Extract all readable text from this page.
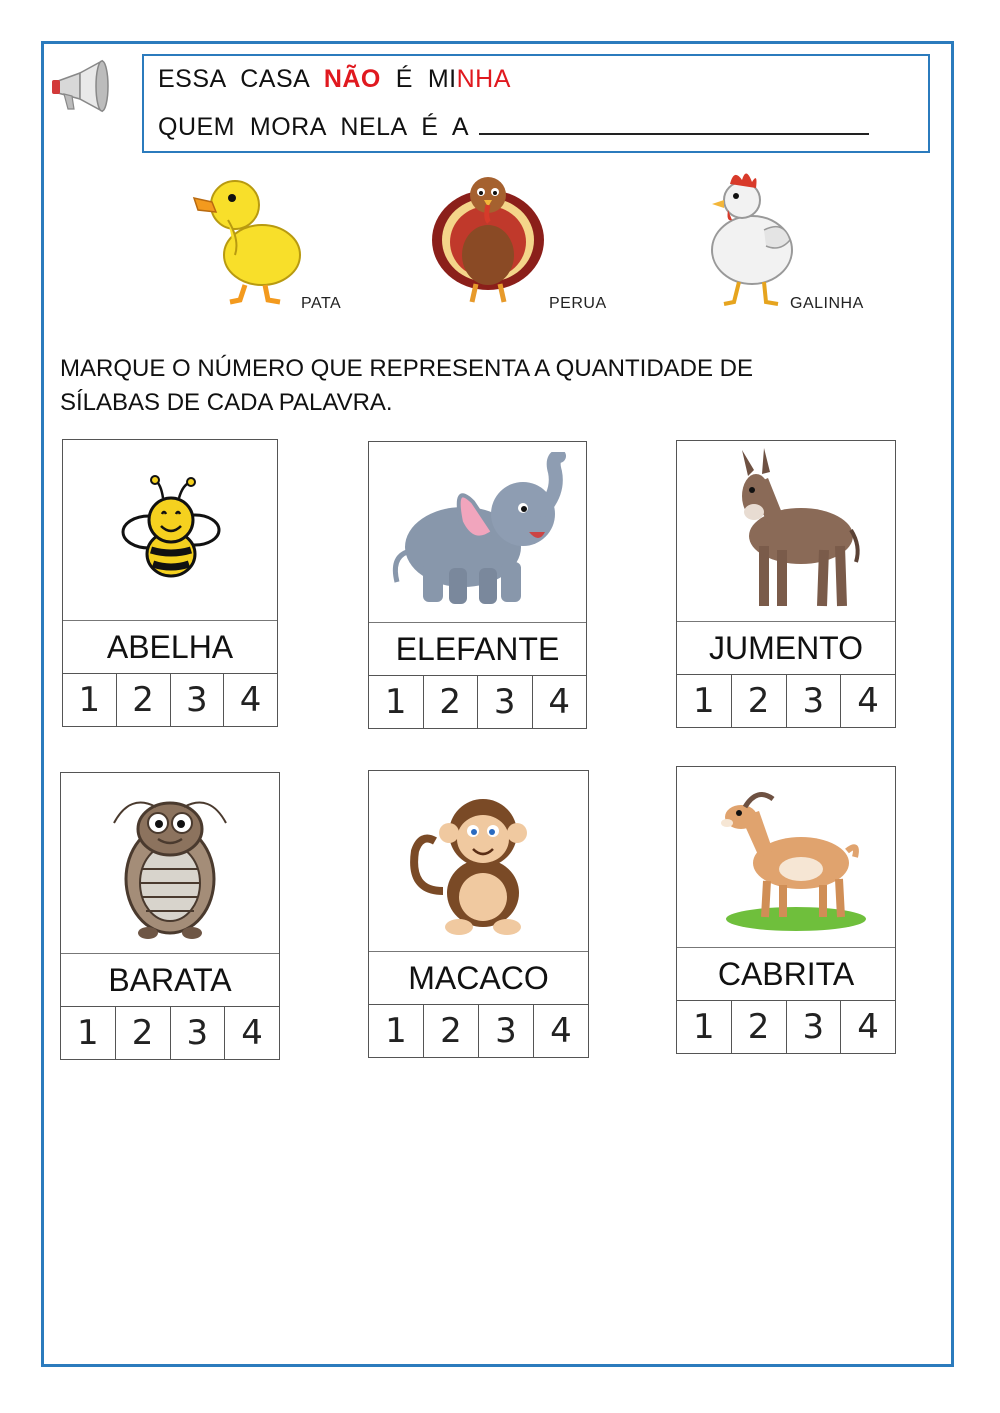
ESSA  CASA  NÃO  É  MINHA
QUEM  MORA  NELA  É  A
PATA	PERUA	GALINHA
MARQUE O NÚMERO QUE REPRESENTA A QUANTIDADE DE
SÍLABAS DE CADA PALAVRA.
ABELHA
1 2 3 4
ELEFANTE
1 2 3 4
JUMENTO
1 2 3 4
BARATA
1 2 3 4
MACACO
1 2 3 4
CABRITA
1 2 3 4
